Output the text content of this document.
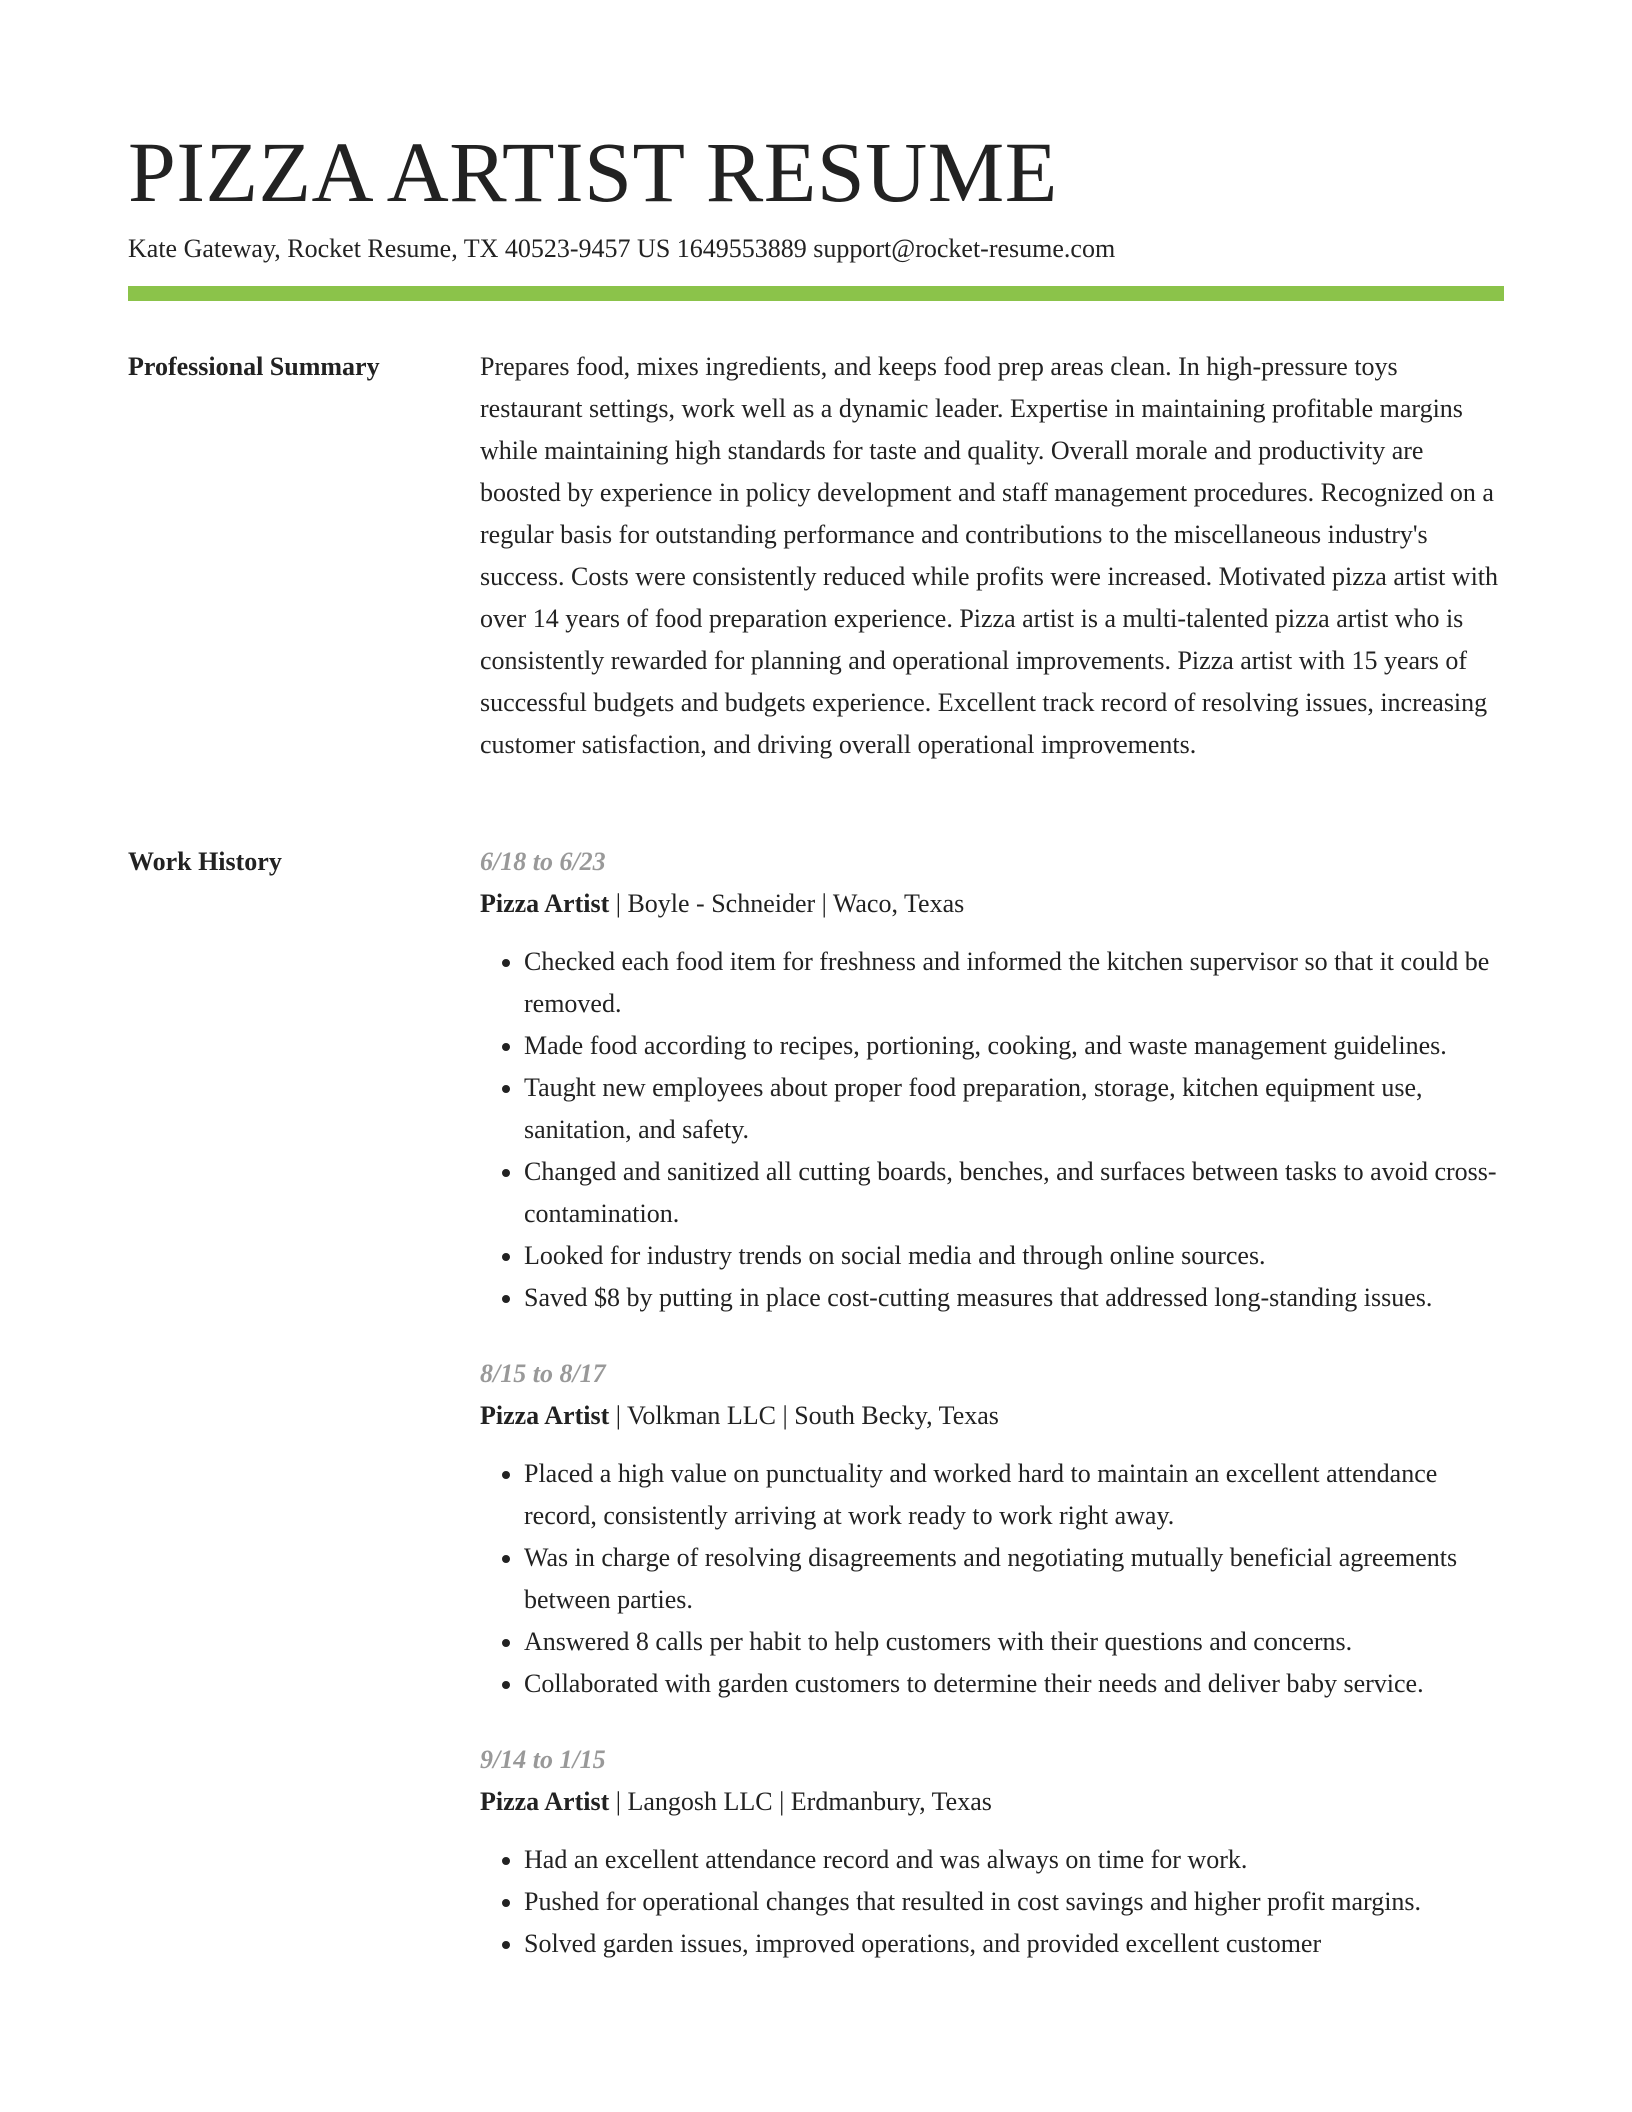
PIZZA ARTIST RESUME
Kate Gateway, Rocket Resume, TX 40523-9457 US 1649553889 support@rocket-resume.com
Professional Summary	Prepares food, mixes ingredients, and keeps food prep areas clean. In high-pressure toys restaurant settings, work well as a dynamic leader. Expertise in maintaining profitable margins while maintaining high standards for taste and quality. Overall morale and productivity are boosted by experience in policy development and staff management procedures. Recognized on a regular basis for outstanding performance and contributions to the miscellaneous industry's success. Costs were consistently reduced while profits were increased. Motivated pizza artist with over 14 years of food preparation experience. Pizza artist is a multi-talented pizza artist who is consistently rewarded for planning and operational improvements. Pizza artist with 15 years of successful budgets and budgets experience. Excellent track record of resolving issues, increasing customer satisfaction, and driving overall operational improvements.

Work History	6/18 to 6/23
Pizza Artist | Boyle - Schneider | Waco, Texas
• Checked each food item for freshness and informed the kitchen supervisor so that it could be removed.
• Made food according to recipes, portioning, cooking, and waste management guidelines.
• Taught new employees about proper food preparation, storage, kitchen equipment use, sanitation, and safety.
• Changed and sanitized all cutting boards, benches, and surfaces between tasks to avoid cross-contamination.
• Looked for industry trends on social media and through online sources.
• Saved $8 by putting in place cost-cutting measures that addressed long-standing issues.
8/15 to 8/17
Pizza Artist | Volkman LLC | South Becky, Texas
• Placed a high value on punctuality and worked hard to maintain an excellent attendance record, consistently arriving at work ready to work right away.
• Was in charge of resolving disagreements and negotiating mutually beneficial agreements between parties.
• Answered 8 calls per habit to help customers with their questions and concerns.
• Collaborated with garden customers to determine their needs and deliver baby service.
9/14 to 1/15
Pizza Artist | Langosh LLC | Erdmanbury, Texas
• Had an excellent attendance record and was always on time for work.
• Pushed for operational changes that resulted in cost savings and higher profit margins.
• Solved garden issues, improved operations, and provided excellent customer
